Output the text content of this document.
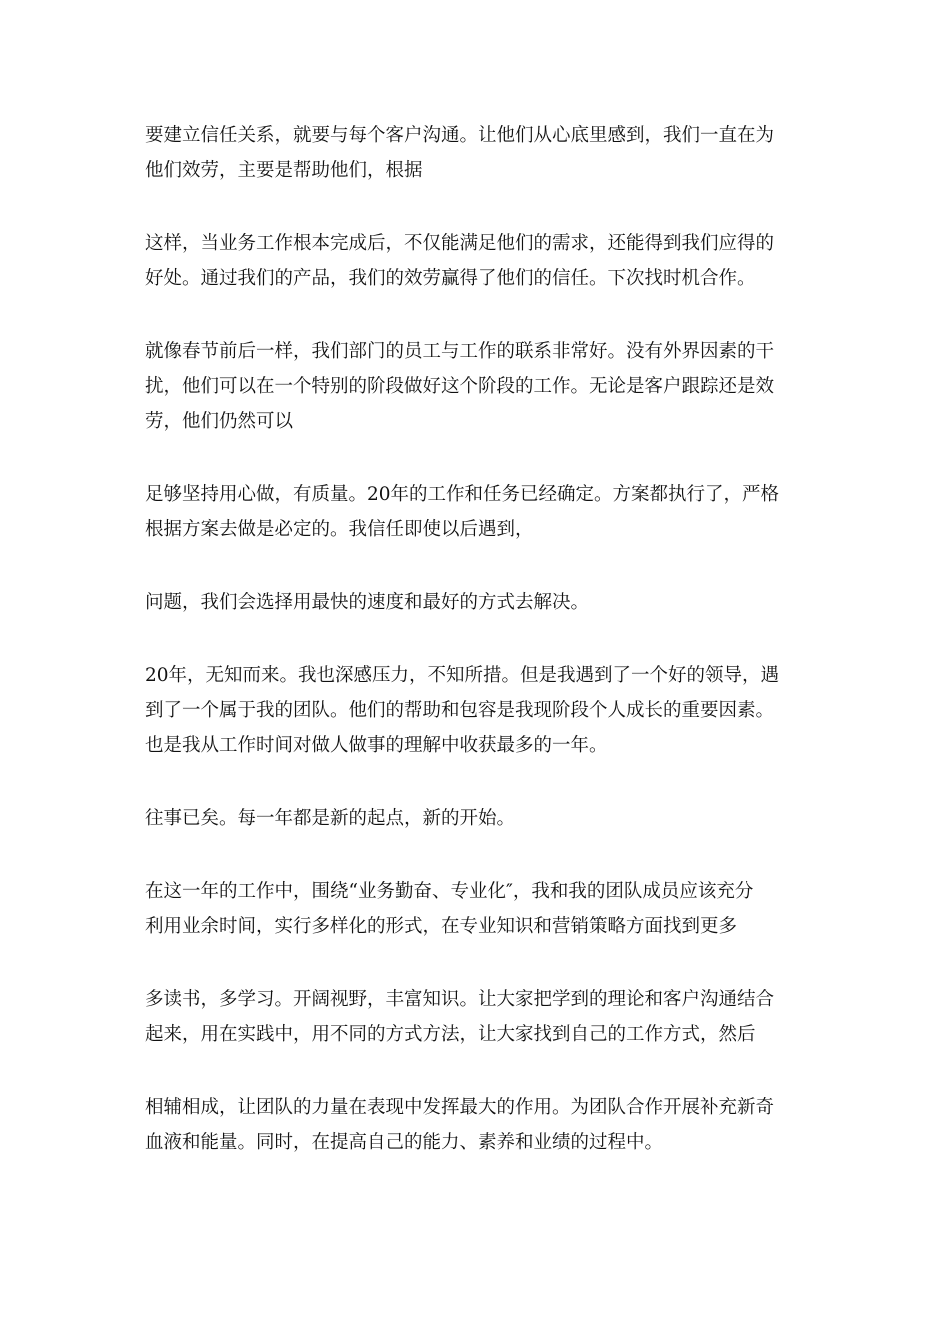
要建立信任关系，就要与每个客户沟通。让他们从心底里感到，我们一直在为
他们效劳，主要是帮助他们，根据

这样，当业务工作根本完成后，不仅能满足他们的需求，还能得到我们应得的
好处。通过我们的产品，我们的效劳赢得了他们的信任。下次找时机合作。

就像春节前后一样，我们部门的员工与工作的联系非常好。没有外界因素的干
扰，他们可以在一个特别的阶段做好这个阶段的工作。无论是客户跟踪还是效
劳，他们仍然可以

足够坚持用心做，有质量。20年的工作和任务已经确定。方案都执行了，严格
根据方案去做是必定的。我信任即使以后遇到，

问题，我们会选择用最快的速度和最好的方式去解决。

20年，无知而来。我也深感压力，不知所措。但是我遇到了一个好的领导，遇
到了一个属于我的团队。他们的帮助和包容是我现阶段个人成长的重要因素。
也是我从工作时间对做人做事的理解中收获最多的一年。

往事已矣。每一年都是新的起点，新的开始。

在这一年的工作中，围绕“业务勤奋、专业化″，我和我的团队成员应该充分
利用业余时间，实行多样化的形式，在专业知识和营销策略方面找到更多

多读书，多学习。开阔视野，丰富知识。让大家把学到的理论和客户沟通结合
起来，用在实践中，用不同的方式方法，让大家找到自己的工作方式，然后

相辅相成，让团队的力量在表现中发挥最大的作用。为团队合作开展补充新奇
血液和能量。同时，在提高自己的能力、素养和业绩的过程中。
